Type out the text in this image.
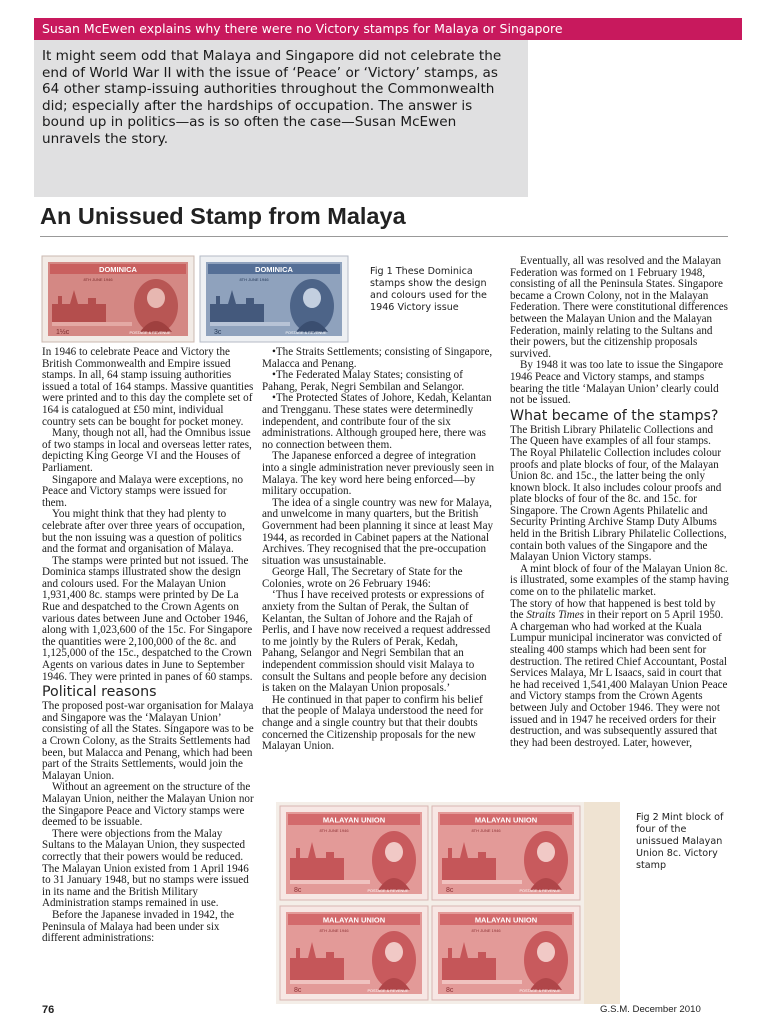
Susan McEwen explains why there were no Victory stamps for Malaya or Singapore
It might seem odd that Malaya and Singapore did not celebrate the end of World War II with the issue of ‘Peace’ or ‘Victory’ stamps, as 64 other stamp-issuing authorities throughout the Commonwealth did; especially after the hardships of occupation. The answer is bound up in politics—as is so often the case—Susan McEwen unravels the story.
An Unissued Stamp from Malaya
DOMINICA
8TH JUNE 1946
1½c	POSTAGE & REVENUE
DOMINICA
8TH JUNE 1946
3c	POSTAGE & REVENUE
Fig 1 These Dominica stamps show the design and colours used for the 1946 Victory issue

In 1946 to celebrate Peace and Victory the British Commonwealth and Empire issued stamps. In all, 64 stamp issuing authorities issued a total of 164 stamps. Massive quantities were printed and to this day the complete set of 164 is catalogued at £50 mint, individual country sets can be bought for pocket money.

Many, though not all, had the Omnibus issue of two stamps in local and overseas letter rates, depicting King George VI and the Houses of Parliament.

Singapore and Malaya were exceptions, no Peace and Victory stamps were issued for them.

You might think that they had plenty to celebrate after over three years of occupation, but the non issuing was a question of politics and the format and organisation of Malaya.

The stamps were printed but not issued. The Dominica stamps illustrated show the design and colours used. For the Malayan Union 1,931,400 8c. stamps were printed by De La Rue and despatched to the Crown Agents on various dates between June and October 1946, along with 1,023,600 of the 15c. For Singapore the quantities were 2,100,000 of the 8c. and 1,125,000 of the 15c., despatched to the Crown Agents on various dates in June to September 1946. They were printed in panes of 60 stamps.

Political reasons

The proposed post-war organisation for Malaya and Singapore was the ‘Malayan Union’ consisting of all the States. Singapore was to be a Crown Colony, as the Straits Settlements had been, but Malacca and Penang, which had been part of the Straits Settlements, would join the Malayan Union.

Without an agreement on the structure of the Malayan Union, neither the Malayan Union nor the Singapore Peace and Victory stamps were deemed to be issuable.

There were objections from the Malay Sultans to the Malayan Union, they suspected correctly that their powers would be reduced. The Malayan Union existed from 1 April 1946 to 31 January 1948, but no stamps were issued in its name and the British Military Administration stamps remained in use.

Before the Japanese invaded in 1942, the Peninsula of Malaya had been under six different administrations:

•The Straits Settlements; consisting of Singapore, Malacca and Penang.

•The Federated Malay States; consisting of Pahang, Perak, Negri Sembilan and Selangor.

•The Protected States of Johore, Kedah, Kelantan and Trengganu. These states were determinedly independent, and contribute four of the six administrations. Although grouped here, there was no connection between them.

The Japanese enforced a degree of integration into a single administration never previously seen in Malaya. The key word here being enforced—by military occupation.

The idea of a single country was new for Malaya, and unwelcome in many quarters, but the British Government had been planning it since at least May 1944, as recorded in Cabinet papers at the National Archives. They recognised that the pre-occupation situation was unsustainable.

George Hall, The Secretary of State for the Colonies, wrote on 26 February 1946:

‘Thus I have received protests or expressions of anxiety from the Sultan of Perak, the Sultan of Kelantan, the Sultan of Johore and the Rajah of Perlis, and I have now received a request addressed to me jointly by the Rulers of Perak, Kedah, Pahang, Selangor and Negri Sembilan that an independent commission should visit Malaya to consult the Sultans and people before any decision is taken on the Malayan Union proposals.’

He continued in that paper to confirm his belief that the people of Malaya understood the need for change and a single country but that their doubts concerned the Citizenship proposals for the new Malayan Union.

Eventually, all was resolved and the Malayan Federation was formed on 1 February 1948, consisting of all the Peninsula States. Singapore became a Crown Colony, not in the Malayan Federation. There were constitutional differences between the Malayan Union and the Malayan Federation, mainly relating to the Sultans and their powers, but the citizenship proposals survived.

By 1948 it was too late to issue the Singapore 1946 Peace and Victory stamps, and stamps bearing the title ‘Malayan Union’ clearly could not be issued.

What became of the stamps?

The British Library Philatelic Collections and The Queen have examples of all four stamps. The Royal Philatelic Collection includes colour proofs and plate blocks of four, of the Malayan Union 8c. and 15c., the latter being the only known block. It also includes colour proofs and plate blocks of four of the 8c. and 15c. for Singapore. The Crown Agents Philatelic and Security Printing Archive Stamp Duty Albums held in the British Library Philatelic Collections, contain both values of the Singapore and the Malayan Union Victory stamps.

A mint block of four of the Malayan Union 8c. is illustrated, some examples of the stamp having come on to the philatelic market.

The story of how that happened is best told by the Straits Times in their report on 5 April 1950. A chargeman who had worked at the Kuala Lumpur municipal incinerator was convicted of stealing 400 stamps which had been sent for destruction. The retired Chief Accountant, Postal Services Malaya, Mr L Isaacs, said in court that he had received 1,541,400 Malayan Union Peace and Victory stamps from the Crown Agents between July and October 1946. They were not issued and in 1947 he received orders for their destruction, and was subsequently assured that they had been destroyed. Later, however,

MALAYAN UNION
8TH JUNE 1946
8c	POSTAGE & REVENUE
Fig 2 Mint block of four of the unissued Malayan Union 8c. Victory stamp
76	G.S.M. December 2010
